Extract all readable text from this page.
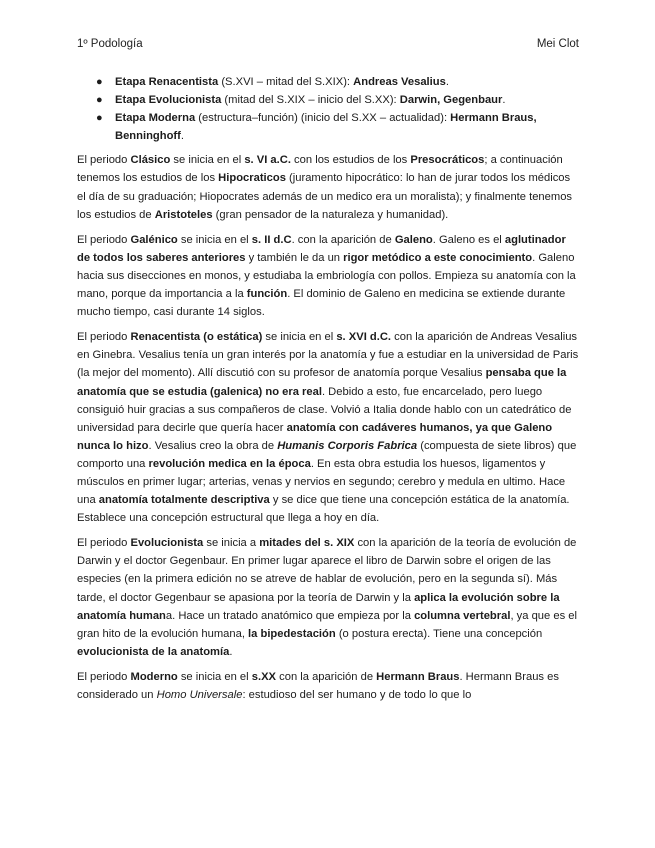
1º Podología	Mei Clot
● Etapa Renacentista (S.XVI – mitad del S.XIX): Andreas Vesalius.
● Etapa Evolucionista (mitad del S.XIX – inicio del S.XX): Darwin, Gegenbaur.
● Etapa Moderna (estructura–función) (inicio del S.XX – actualidad): Hermann Braus, Benninghoff.

El periodo Clásico se inicia en el s. VI a.C. con los estudios de los Presocráticos; a continuación tenemos los estudios de los Hipocraticos (juramento hipocrático: lo han de jurar todos los médicos el día de su graduación; Hiopocrates además de un medico era un moralista); y finalmente tenemos los estudios de Aristoteles (gran pensador de la naturaleza y humanidad).

El periodo Galénico se inicia en el s. II d.C. con la aparición de Galeno. Galeno es el aglutinador de todos los saberes anteriores y también le da un rigor metódico a este conocimiento. Galeno hacia sus disecciones en monos, y estudiaba la embriología con pollos. Empieza su anatomía con la mano, porque da importancia a la función. El dominio de Galeno en medicina se extiende durante mucho tiempo, casi durante 14 siglos.

El periodo Renacentista (o estática) se inicia en el s. XVI d.C. con la aparición de Andreas Vesalius en Ginebra. Vesalius tenía un gran interés por la anatomía y fue a estudiar en la universidad de Paris (la mejor del momento). Allí discutió con su profesor de anatomía porque Vesalius pensaba que la anatomía que se estudia (galenica) no era real. Debido a esto, fue encarcelado, pero luego consiguió huir gracias a sus compañeros de clase. Volvió a Italia donde hablo con un catedrático de universidad para decirle que quería hacer anatomía con cadáveres humanos, ya que Galeno nunca lo hizo. Vesalius creo la obra de Humanis Corporis Fabrica (compuesta de siete libros) que comporto una revolución medica en la época. En esta obra estudia los huesos, ligamentos y músculos en primer lugar; arterias, venas y nervios en segundo; cerebro y medula en ultimo. Hace una anatomía totalmente descriptiva y se dice que tiene una concepción estática de la anatomía. Establece una concepción estructural que llega a hoy en día.

El periodo Evolucionista se inicia a mitades del s. XIX con la aparición de la teoría de evolución de Darwin y el doctor Gegenbaur. En primer lugar aparece el libro de Darwin sobre el origen de las especies (en la primera edición no se atreve de hablar de evolución, pero en la segunda sí). Más tarde, el doctor Gegenbaur se apasiona por la teoría de Darwin y la aplica la evolución sobre la anatomía humana. Hace un tratado anatómico que empieza por la columna vertebral, ya que es el gran hito de la evolución humana, la bipedestación (o postura erecta). Tiene una concepción evolucionista de la anatomía.

El periodo Moderno se inicia en el s.XX con la aparición de Hermann Braus. Hermann Braus es considerado un Homo Universale: estudioso del ser humano y de todo lo que lo
